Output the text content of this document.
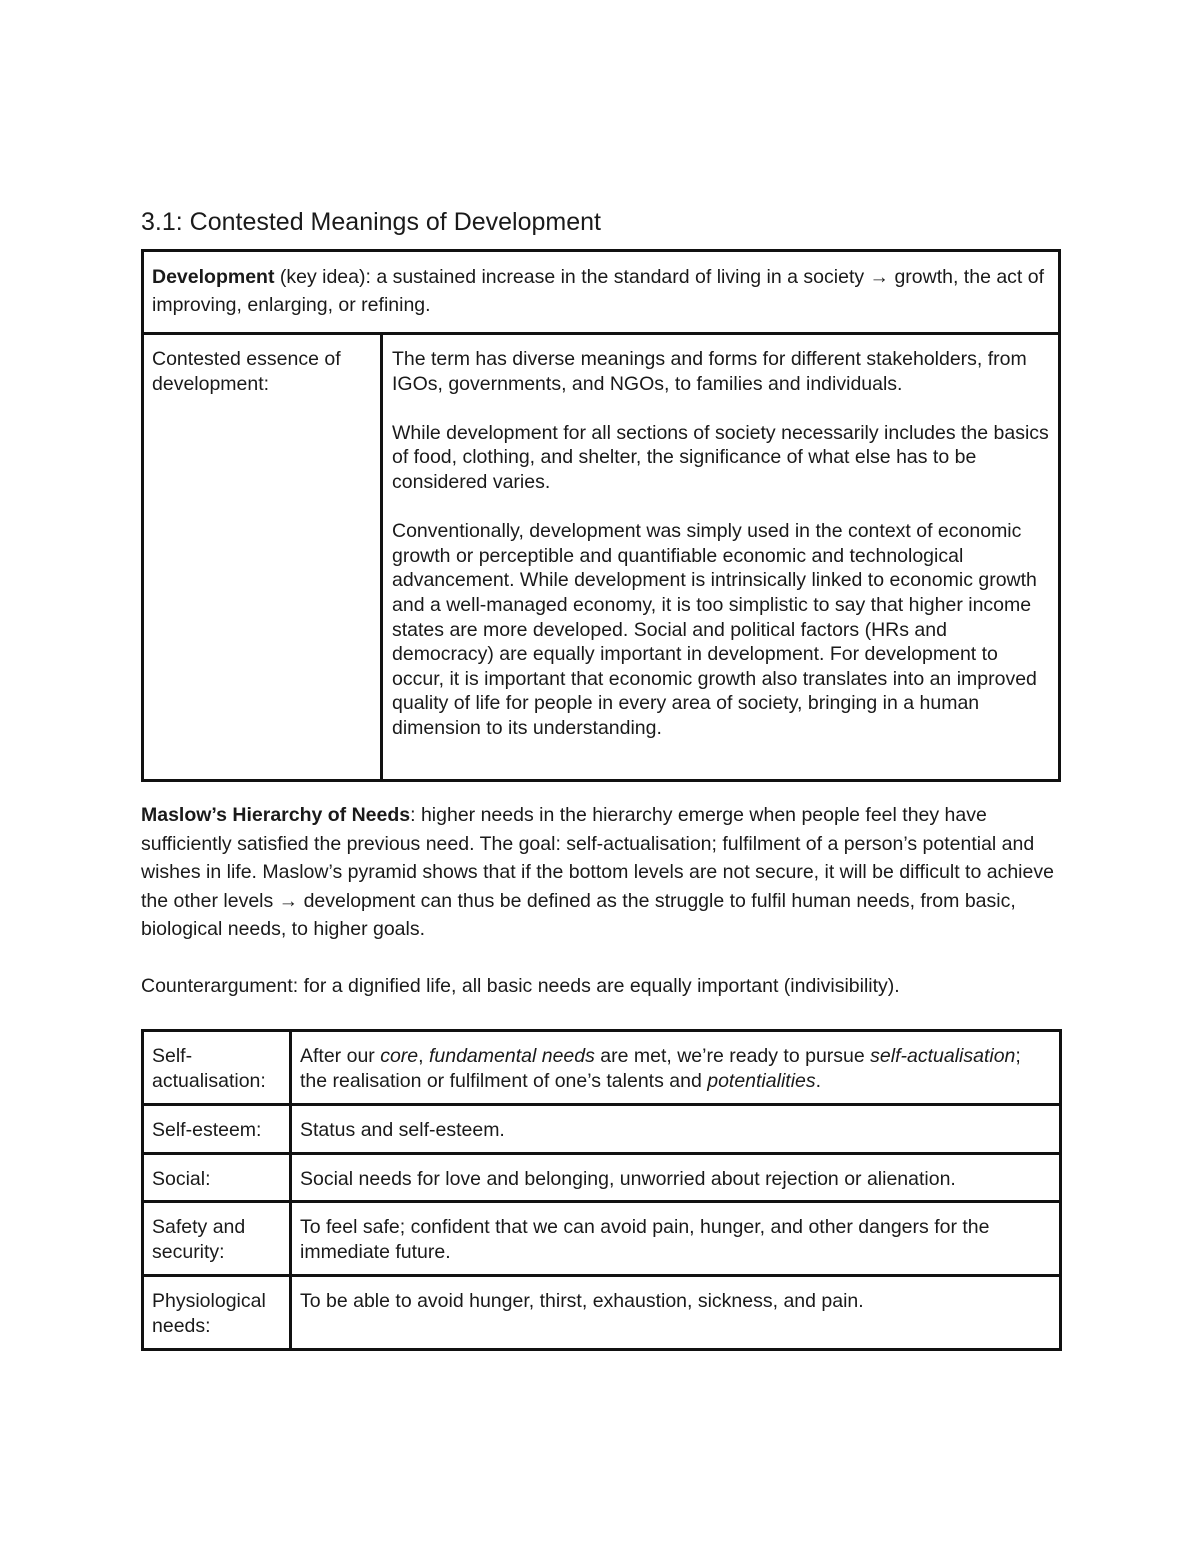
3.1: Contested Meanings of Development
Development (key idea): a sustained increase in the standard of living in a society → growth, the act of improving, enlarging, or refining.

Contested essence of development:

The term has diverse meanings and forms for different stakeholders, from IGOs, governments, and NGOs, to families and individuals.

While development for all sections of society necessarily includes the basics of food, clothing, and shelter, the significance of what else has to be considered varies.

Conventionally, development was simply used in the context of economic growth or perceptible and quantifiable economic and technological advancement. While development is intrinsically linked to economic growth and a well-managed economy, it is too simplistic to say that higher income states are more developed. Social and political factors (HRs and democracy) are equally important in development. For development to occur, it is important that economic growth also translates into an improved quality of life for people in every area of society, bringing in a human dimension to its understanding.

Maslow’s Hierarchy of Needs: higher needs in the hierarchy emerge when people feel they have sufficiently satisfied the previous need. The goal: self-actualisation; fulfilment of a person’s potential and wishes in life. Maslow’s pyramid shows that if the bottom levels are not secure, it will be difficult to achieve the other levels → development can thus be defined as the struggle to fulfil human needs, from basic, biological needs, to higher goals.

Counterargument: for a dignified life, all basic needs are equally important (indivisibility).

Self-actualisation:	After our core, fundamental needs are met, we’re ready to pursue self-actualisation; the realisation or fulfilment of one’s talents and potentialities.

Self-esteem:	Status and self-esteem.

Social:	Social needs for love and belonging, unworried about rejection or alienation.

Safety and security:	To feel safe; confident that we can avoid pain, hunger, and other dangers for the immediate future.

Physiological needs:	To be able to avoid hunger, thirst, exhaustion, sickness, and pain.
